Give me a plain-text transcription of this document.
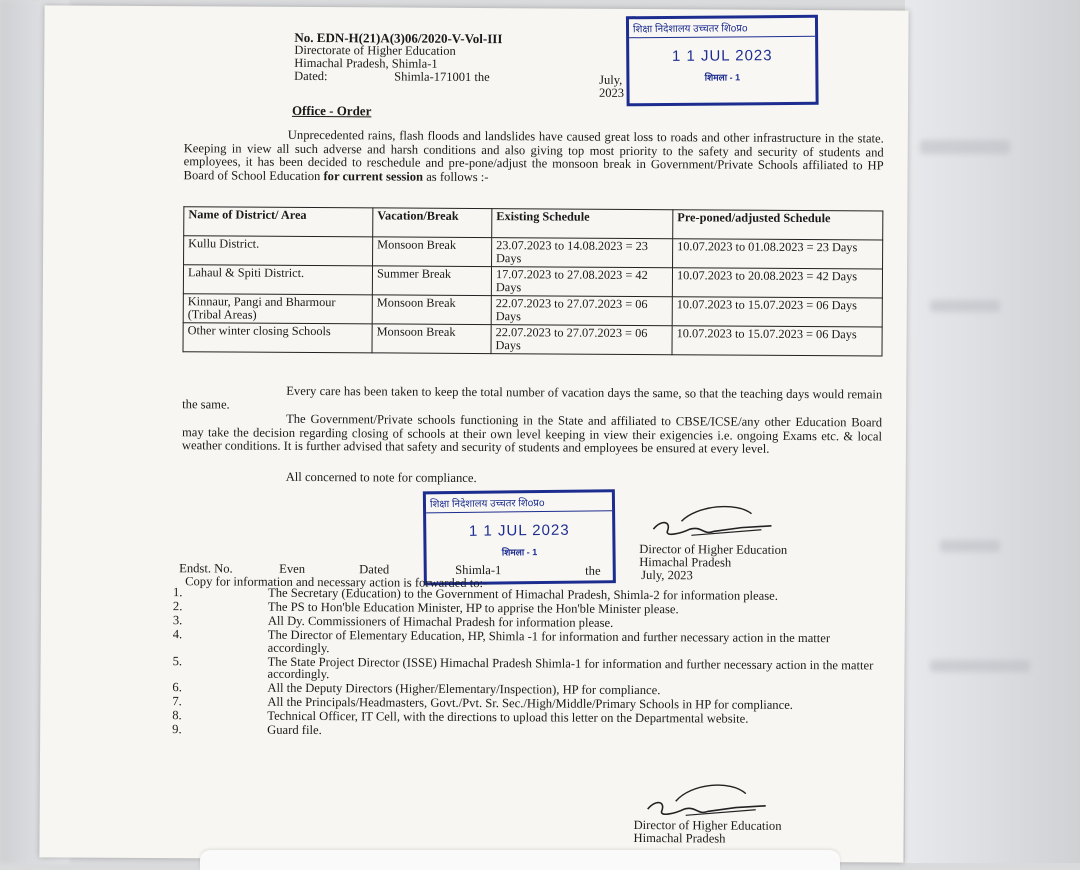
No. EDN-H(21)A(3)06/2020-V-Vol-III
Directorate of Higher Education
Himachal Pradesh, Shimla-1
Dated:	Shimla-171001 the	July, 2023
शिक्षा निदेशालय उच्चतर शिoप्रo
1 1 JUL 2023
शिमला - 1
Office - Order
Unprecedented rains, flash floods and landslides have caused great loss to roads and other infrastructure in the state. Keeping in view all such adverse and harsh conditions and also giving top most priority to the safety and security of students and employees, it has been decided to reschedule and pre-pone/adjust the monsoon break in Government/Private Schools affiliated to HP Board of School Education for current session as follows :-
Name of District/ Area	Vacation/Break	Existing Schedule	Pre-poned/adjusted Schedule
Kullu District.	Monsoon Break	23.07.2023 to 14.08.2023 = 23 Days	10.07.2023 to 01.08.2023 = 23 Days
Lahaul & Spiti District.	Summer Break	17.07.2023 to 27.08.2023 = 42 Days	10.07.2023 to 20.08.2023 = 42 Days
Kinnaur, Pangi and Bharmour (Tribal Areas)	Monsoon Break	22.07.2023 to 27.07.2023 = 06 Days	10.07.2023 to 15.07.2023 = 06 Days
Other winter closing Schools	Monsoon Break	22.07.2023 to 27.07.2023 = 06 Days	10.07.2023 to 15.07.2023 = 06 Days
Every care has been taken to keep the total number of vacation days the same, so that the teaching days would remain the same.
The Government/Private schools functioning in the State and affiliated to CBSE/ICSE/any other Education Board may take the decision regarding closing of schools at their own level keeping in view their exigencies i.e. ongoing Exams etc. & local weather conditions. It is further advised that safety and security of students and employees be ensured at every level.
All concerned to note for compliance.
शिक्षा निदेशालय उच्चतर शिoप्रo
1 1 JUL 2023
शिमला - 1	Director of Higher Education
Himachal Pradesh
July, 2023
Endst. No.	Even	Dated	Shimla-1	the
Copy for information and necessary action is forwarded to:-
1.	The Secretary (Education) to the Government of Himachal Pradesh, Shimla-2 for information please.
2.	The PS to Hon'ble Education Minister, HP to apprise the Hon'ble Minister please.
3.	All Dy. Commissioners of Himachal Pradesh for information please.
4.	The Director of Elementary Education, HP, Shimla -1 for information and further necessary action in the matter accordingly.
5.	The State Project Director (ISSE) Himachal Pradesh Shimla-1 for information and further necessary action in the matter accordingly.
6.	All the Deputy Directors (Higher/Elementary/Inspection), HP for compliance.
7.	All the Principals/Headmasters, Govt./Pvt. Sr. Sec./High/Middle/Primary Schools in HP for compliance.
8.	Technical Officer, IT Cell, with the directions to upload this letter on the Departmental website.
9.	Guard file.
Director of Higher Education
Himachal Pradesh
